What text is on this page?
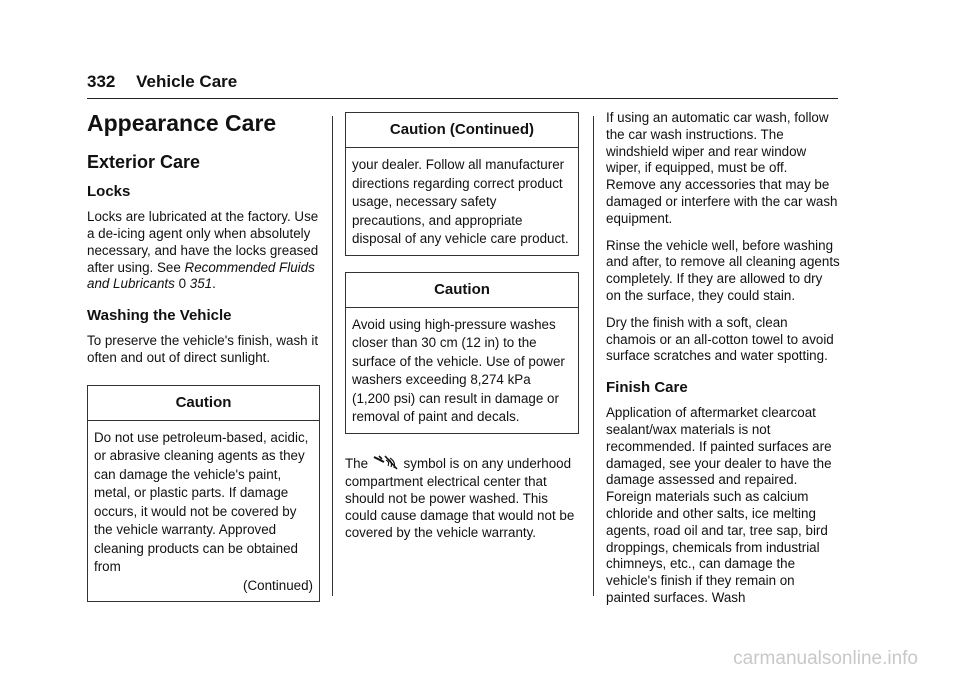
332 Vehicle Care
Appearance Care
Exterior Care
Locks

Locks are lubricated at the factory. Use a de-icing agent only when absolutely necessary, and have the locks greased after using. See Recommended Fluids and Lubricants 0 351.

Washing the Vehicle

To preserve the vehicle's finish, wash it often and out of direct sunlight.

Caution
Do not use petroleum-based, acidic, or abrasive cleaning agents as they can damage the vehicle's paint, metal, or plastic parts. If damage occurs, it would not be covered by the vehicle warranty. Approved cleaning products can be obtained from
(Continued)
Caution (Continued)
your dealer. Follow all manufacturer directions regarding correct product usage, necessary safety precautions, and appropriate disposal of any vehicle care product.
Caution
Avoid using high-pressure washes closer than 30 cm (12 in) to the surface of the vehicle. Use of power washers exceeding 8,274 kPa (1,200 psi) can result in damage or removal of paint and decals.

The	symbol is on any underhood compartment electrical center that should not be power washed. This could cause damage that would not be covered by the vehicle warranty.

If using an automatic car wash, follow the car wash instructions. The windshield wiper and rear window wiper, if equipped, must be off. Remove any accessories that may be damaged or interfere with the car wash equipment.

Rinse the vehicle well, before washing and after, to remove all cleaning agents completely. If they are allowed to dry on the surface, they could stain.

Dry the finish with a soft, clean chamois or an all-cotton towel to avoid surface scratches and water spotting.

Finish Care

Application of aftermarket clearcoat sealant/wax materials is not recommended. If painted surfaces are damaged, see your dealer to have the damage assessed and repaired. Foreign materials such as calcium chloride and other salts, ice melting agents, road oil and tar, tree sap, bird droppings, chemicals from industrial chimneys, etc., can damage the vehicle's finish if they remain on painted surfaces. Wash

carmanualsonline.info
